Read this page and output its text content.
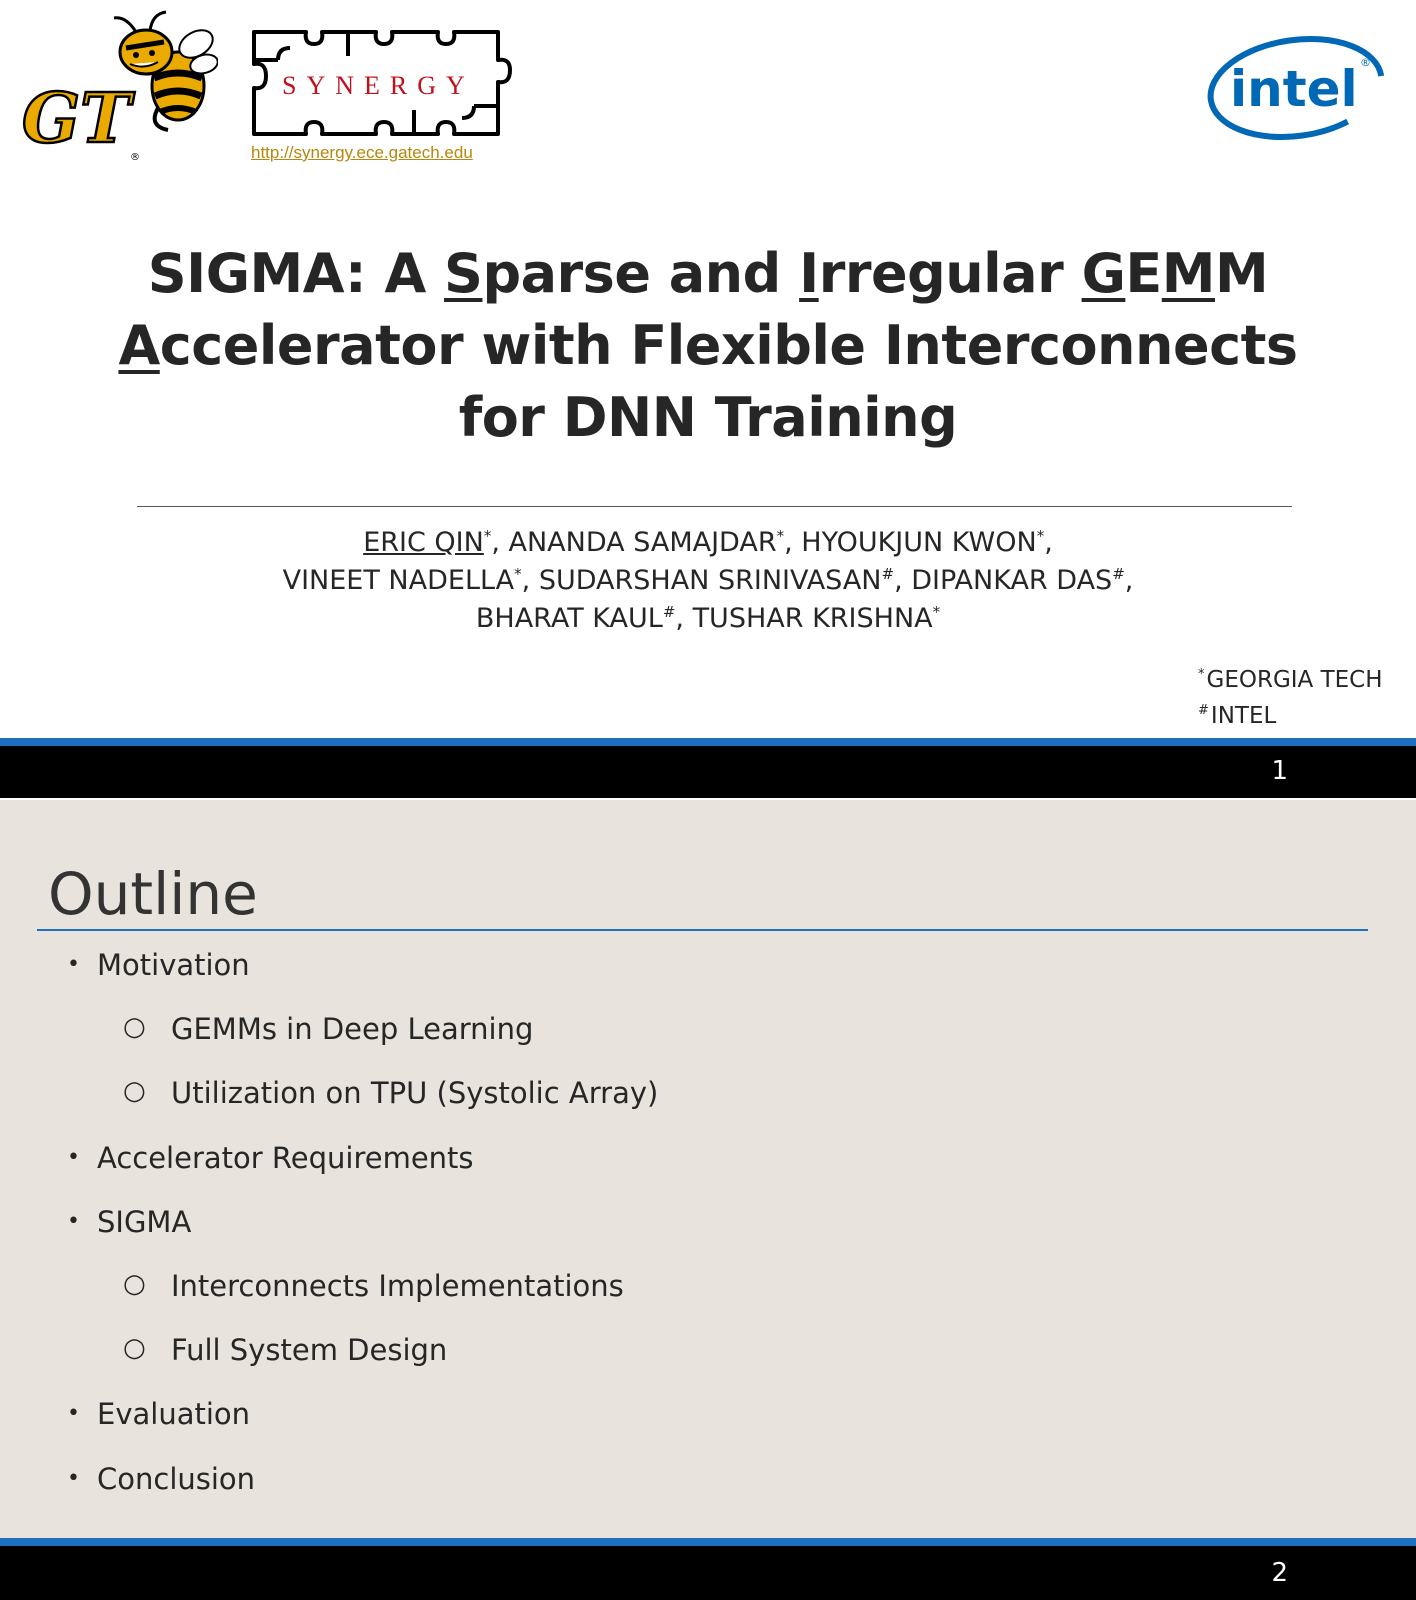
GT ®
SYNERGY
http://synergy.ece.gatech.edu
intel ®
SIGMA: A Sparse and Irregular GEMM
Accelerator with Flexible Interconnects
for DNN Training
ERIC QIN*, ANANDA SAMAJDAR*, HYOUKJUN KWON*,
VINEET NADELLA*, SUDARSHAN SRINIVASAN#, DIPANKAR DAS#,
BHARAT KAUL#, TUSHAR KRISHNA*
*GEORGIA TECH
#INTEL
1
Outline
• Motivation
○ GEMMs in Deep Learning
○ Utilization on TPU (Systolic Array)
• Accelerator Requirements
• SIGMA
○ Interconnects Implementations
○ Full System Design
• Evaluation
• Conclusion
2
